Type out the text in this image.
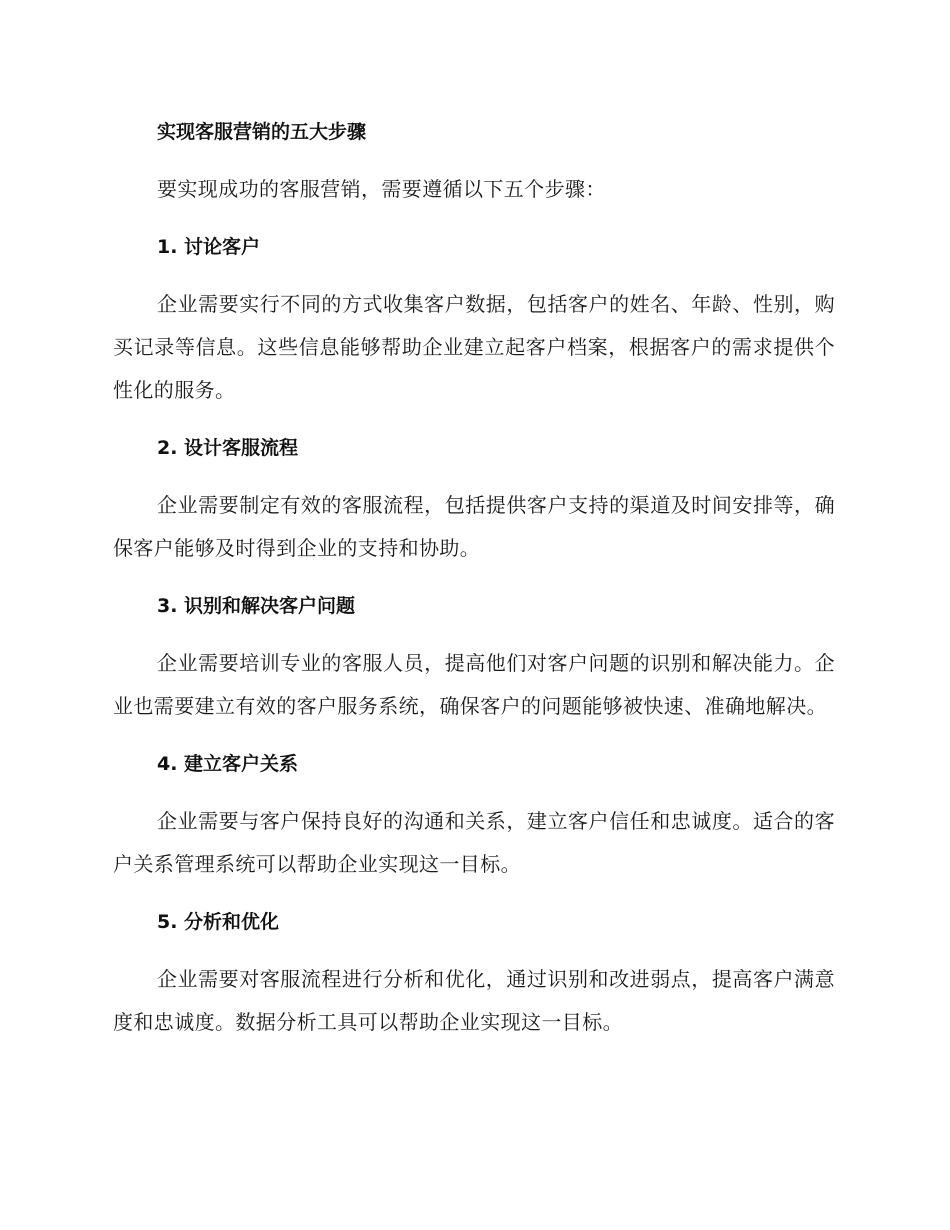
实现客服营销的五大步骤

要实现成功的客服营销，需要遵循以下五个步骤：

1. 讨论客户

企业需要实行不同的方式收集客户数据，包括客户的姓名、年龄、性别，购买记录等信息。这些信息能够帮助企业建立起客户档案，根据客户的需求提供个性化的服务。

2. 设计客服流程

企业需要制定有效的客服流程，包括提供客户支持的渠道及时间安排等，确保客户能够及时得到企业的支持和协助。

3. 识别和解决客户问题

企业需要培训专业的客服人员，提高他们对客户问题的识别和解决能力。企业也需要建立有效的客户服务系统，确保客户的问题能够被快速、准确地解决。

4. 建立客户关系

企业需要与客户保持良好的沟通和关系，建立客户信任和忠诚度。适合的客户关系管理系统可以帮助企业实现这一目标。

5. 分析和优化

企业需要对客服流程进行分析和优化，通过识别和改进弱点，提高客户满意度和忠诚度。数据分析工具可以帮助企业实现这一目标。
